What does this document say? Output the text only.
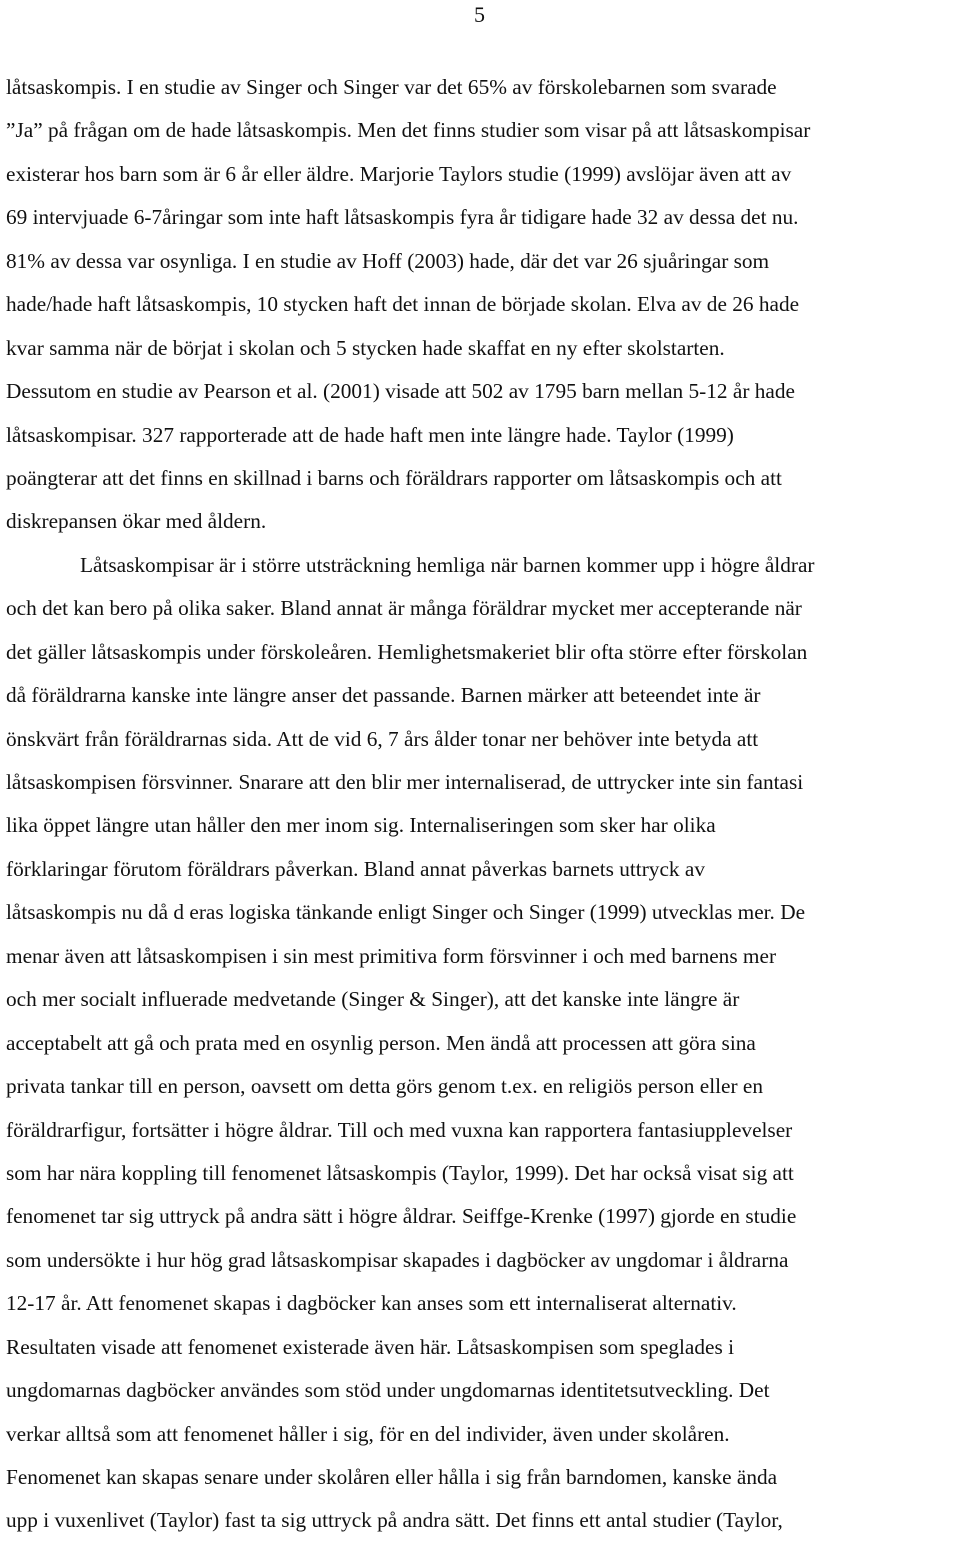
5
låtsaskompis. I en studie av Singer och Singer var det 65% av förskolebarnen som svarade
”Ja” på frågan om de hade låtsaskompis. Men det finns studier som visar på att låtsaskompisar
existerar hos barn som är 6 år eller äldre. Marjorie Taylors studie (1999) avslöjar även att av
69 intervjuade 6-7åringar som inte haft låtsaskompis fyra år tidigare hade 32 av dessa det nu.
81% av dessa var osynliga. I en studie av Hoff (2003) hade, där det var 26 sjuåringar som
hade/hade haft låtsaskompis, 10 stycken haft det innan de började skolan. Elva av de 26 hade
kvar samma när de börjat i skolan och 5 stycken hade skaffat en ny efter skolstarten.
Dessutom en studie av Pearson et al. (2001) visade att 502 av 1795 barn mellan 5-12 år hade
låtsaskompisar. 327 rapporterade att de hade haft men inte längre hade. Taylor (1999)
poängterar att det finns en skillnad i barns och föräldrars rapporter om låtsaskompis och att
diskrepansen ökar med åldern.
Låtsaskompisar är i större utsträckning hemliga när barnen kommer upp i högre åldrar
och det kan bero på olika saker. Bland annat är många föräldrar mycket mer accepterande när
det gäller låtsaskompis under förskoleåren. Hemlighetsmakeriet blir ofta större efter förskolan
då föräldrarna kanske inte längre anser det passande. Barnen märker att beteendet inte är
önskvärt från föräldrarnas sida. Att de vid 6, 7 års ålder tonar ner behöver inte betyda att
låtsaskompisen försvinner. Snarare att den blir mer internaliserad, de uttrycker inte sin fantasi
lika öppet längre utan håller den mer inom sig. Internaliseringen som sker har olika
förklaringar förutom föräldrars påverkan. Bland annat påverkas barnets uttryck av
låtsaskompis nu då d eras logiska tänkande enligt Singer och Singer (1999) utvecklas mer. De
menar även att låtsaskompisen i sin mest primitiva form försvinner i och med barnens mer
och mer socialt influerade medvetande (Singer & Singer), att det kanske inte längre är
acceptabelt att gå och prata med en osynlig person. Men ändå att processen att göra sina
privata tankar till en person, oavsett om detta görs genom t.ex. en religiös person eller en
föräldrarfigur, fortsätter i högre åldrar. Till och med vuxna kan rapportera fantasiupplevelser
som har nära koppling till fenomenet låtsaskompis (Taylor, 1999). Det har också visat sig att
fenomenet tar sig uttryck på andra sätt i högre åldrar. Seiffge-Krenke (1997) gjorde en studie
som undersökte i hur hög grad låtsaskompisar skapades i dagböcker av ungdomar i åldrarna
12-17 år. Att fenomenet skapas i dagböcker kan anses som ett internaliserat alternativ.
Resultaten visade att fenomenet existerade även här. Låtsaskompisen som speglades i
ungdomarnas dagböcker användes som stöd under ungdomarnas identitetsutveckling. Det
verkar alltså som att fenomenet håller i sig, för en del individer, även under skolåren.
Fenomenet kan skapas senare under skolåren eller hålla i sig från barndomen, kanske ända
upp i vuxenlivet (Taylor) fast ta sig uttryck på andra sätt. Det finns ett antal studier (Taylor,
